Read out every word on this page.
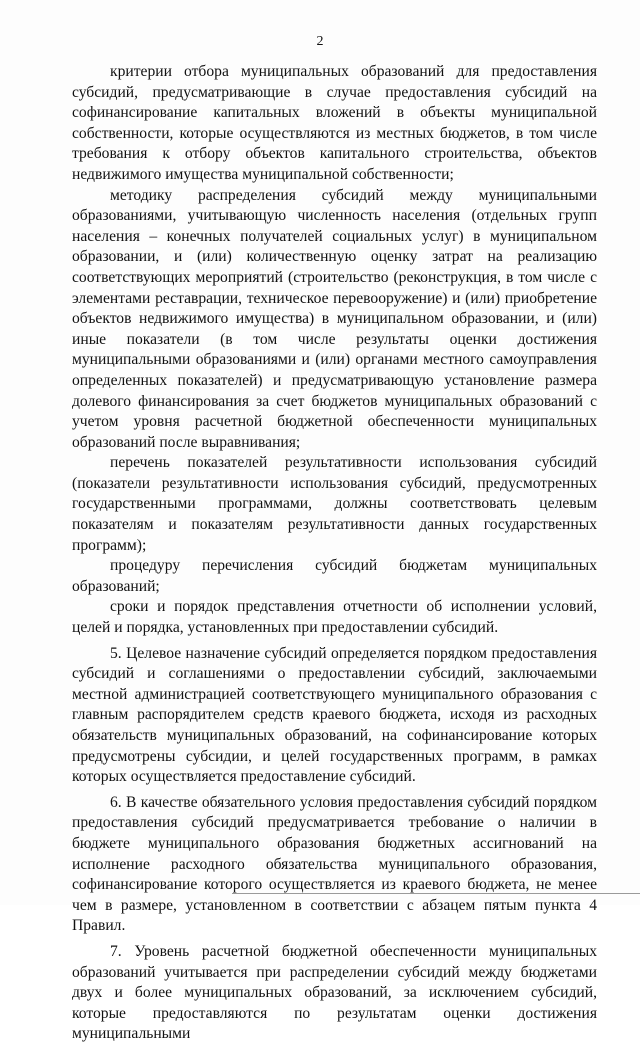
2

критерии отбора муниципальных образований для предоставления субсидий, предусматривающие в случае предоставления субсидий на софинансирование капитальных вложений в объекты муниципальной собственности, которые осуществляются из местных бюджетов, в том числе требования к отбору объектов капитального строительства, объектов недвижимого имущества муниципальной собственности;

методику распределения субсидий между муниципальными образованиями, учитывающую численность населения (отдельных групп населения – конечных получателей социальных услуг) в муниципальном образовании, и (или) количественную оценку затрат на реализацию соответствующих мероприятий (строительство (реконструкция, в том числе с элементами реставрации, техническое перевооружение) и (или) приобретение объектов недвижимого имущества) в муниципальном образовании, и (или) иные показатели (в том числе результаты оценки достижения муниципальными образованиями и (или) органами местного самоуправления определенных показателей) и предусматривающую установление размера долевого финансирования за счет бюджетов муниципальных образований с учетом уровня расчетной бюджетной обеспеченности муниципальных образований после выравнивания;

перечень показателей результативности использования субсидий (показатели результативности использования субсидий, предусмотренных государственными программами, должны соответствовать целевым показателям и показателям результативности данных государственных программ);

процедуру перечисления субсидий бюджетам муниципальных образований;

сроки и порядок представления отчетности об исполнении условий, целей и порядка, установленных при предоставлении субсидий.

5. Целевое назначение субсидий определяется порядком предоставления субсидий и соглашениями о предоставлении субсидий, заключаемыми местной администрацией соответствующего муниципального образования с главным распорядителем средств краевого бюджета, исходя из расходных обязательств муниципальных образований, на софинансирование которых предусмотрены субсидии, и целей государственных программ, в рамках которых осуществляется предоставление субсидий.

6. В качестве обязательного условия предоставления субсидий порядком предоставления субсидий предусматривается требование о наличии в бюджете муниципального образования бюджетных ассигнований на исполнение расходного обязательства муниципального образования, софинансирование которого осуществляется из краевого бюджета, не менее чем в размере, установленном в соответствии с абзацем пятым пункта 4 Правил.

7. Уровень расчетной бюджетной обеспеченности муниципальных образований учитывается при распределении субсидий между бюджетами двух и более муниципальных образований, за исключением субсидий, которые предоставляются по результатам оценки достижения муниципальными
